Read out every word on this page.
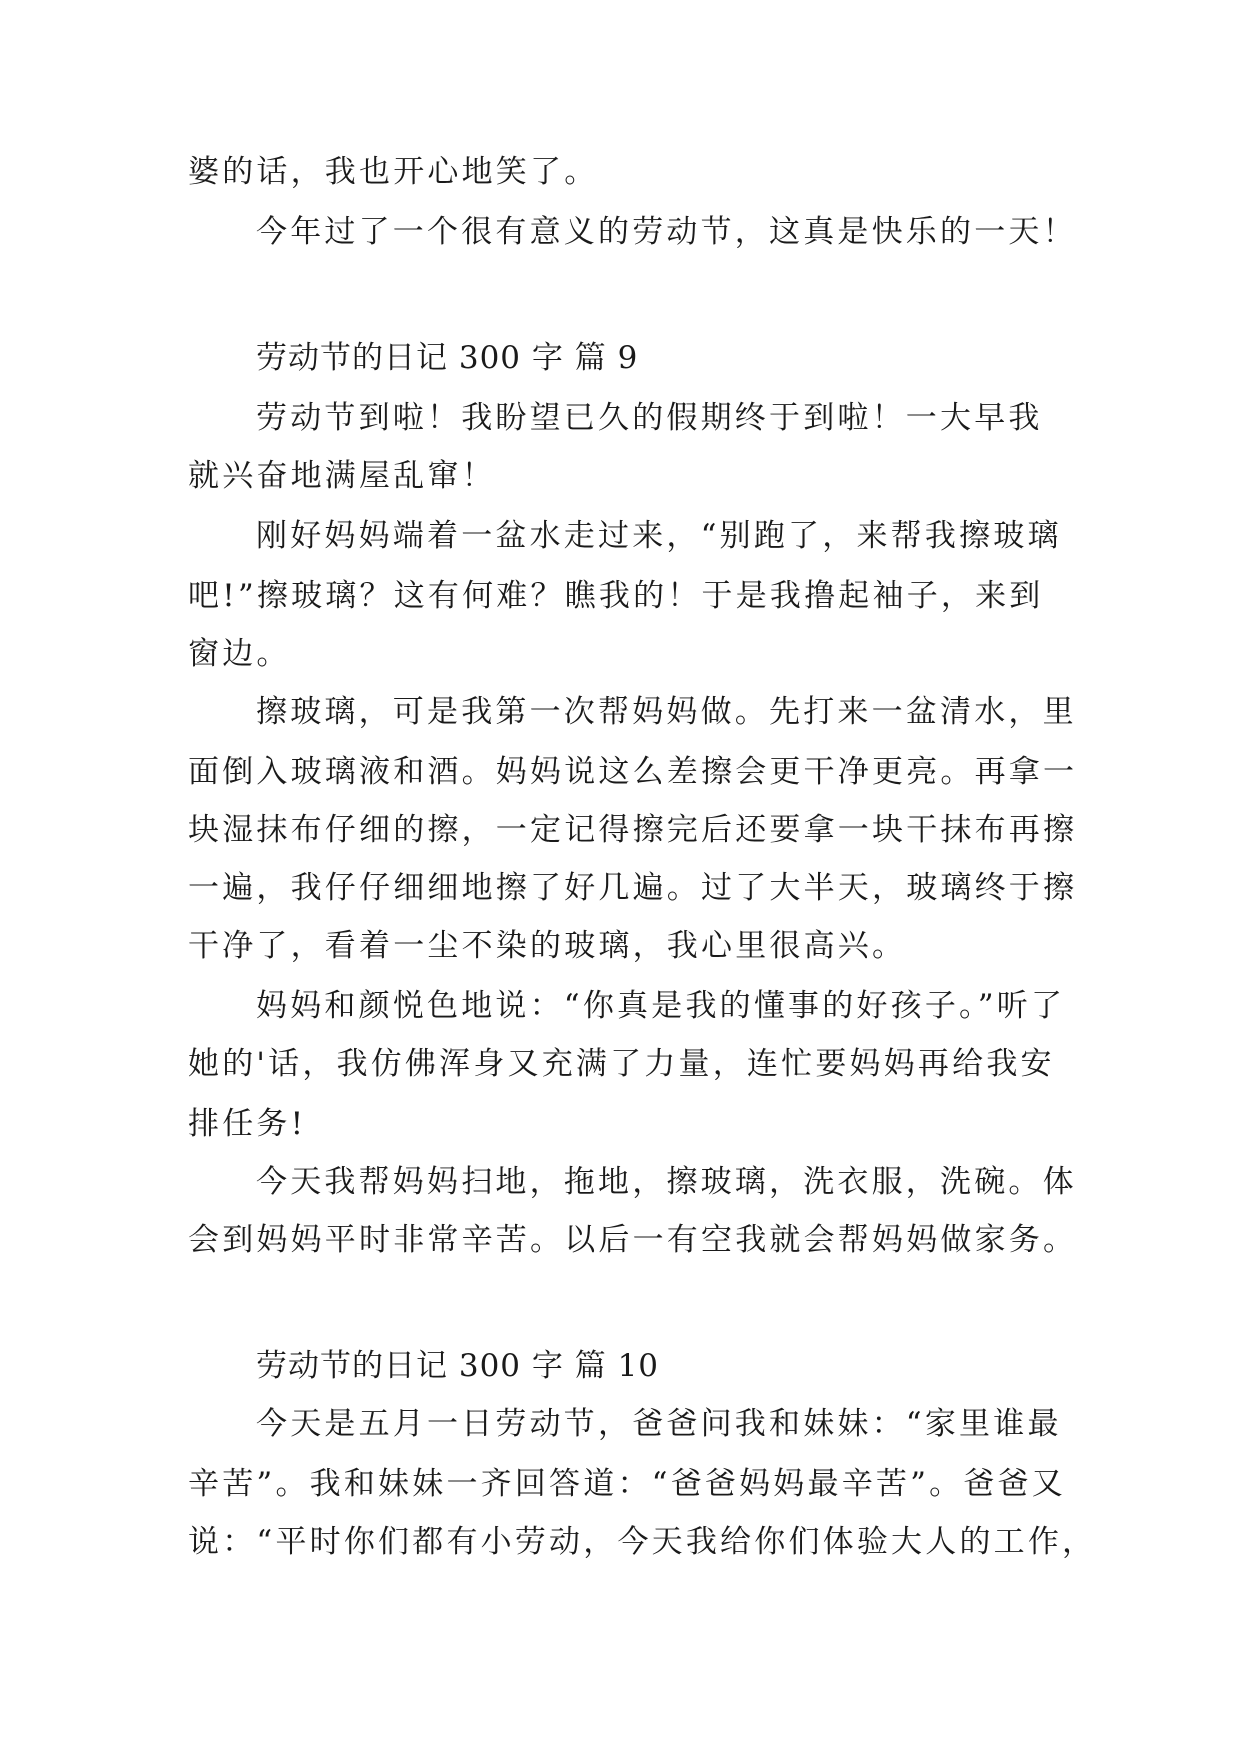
婆的话，我也开心地笑了。
今年过了一个很有意义的劳动节，这真是快乐的一天！
劳动节的日记 300 字 篇 9
劳动节到啦！我盼望已久的假期终于到啦！一大早我
就兴奋地满屋乱窜！
刚好妈妈端着一盆水走过来，“别跑了，来帮我擦玻璃
吧!”擦玻璃？这有何难？瞧我的！于是我撸起袖子，来到
窗边。
擦玻璃，可是我第一次帮妈妈做。先打来一盆清水，里
面倒入玻璃液和酒。妈妈说这么差擦会更干净更亮。再拿一
块湿抹布仔细的擦，一定记得擦完后还要拿一块干抹布再擦
一遍，我仔仔细细地擦了好几遍。过了大半天，玻璃终于擦
干净了，看着一尘不染的玻璃，我心里很高兴。
妈妈和颜悦色地说：“你真是我的懂事的好孩子。”听了
她的'话，我仿佛浑身又充满了力量，连忙要妈妈再给我安
排任务!
今天我帮妈妈扫地，拖地，擦玻璃，洗衣服，洗碗。体
会到妈妈平时非常辛苦。以后一有空我就会帮妈妈做家务。
劳动节的日记 300 字 篇 10
今天是五月一日劳动节，爸爸问我和妹妹：“家里谁最
辛苦”。我和妹妹一齐回答道：“爸爸妈妈最辛苦”。爸爸又
说：“平时你们都有小劳动，今天我给你们体验大人的工作，
